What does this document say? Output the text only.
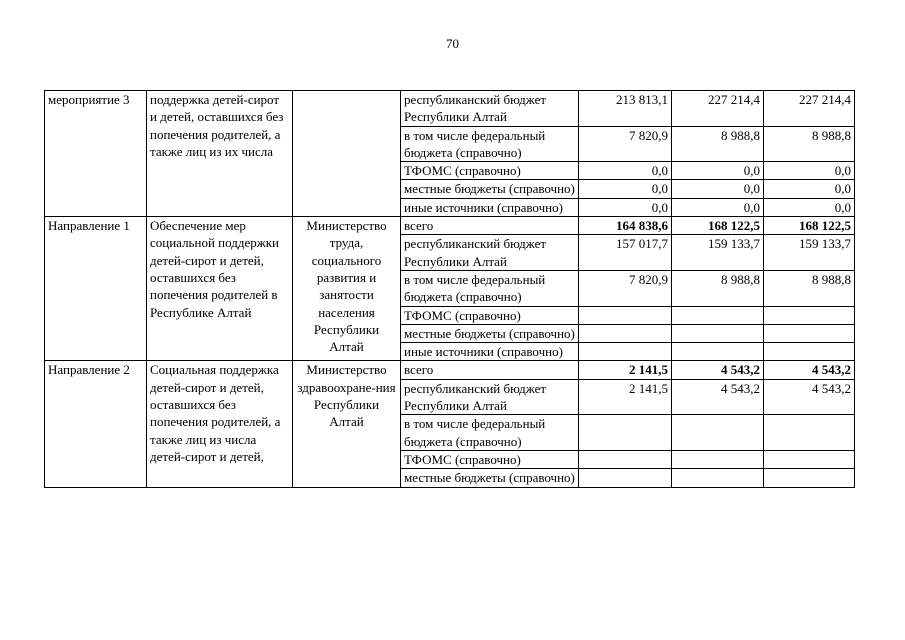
70
мероприятие 3	поддержка детей-сирот и детей, оставшихся без попечения родителей, а также лиц из их числа		республиканский бюджет Республики Алтай	213 813,1	227 214,4	227 214,4
			в том числе федеральный бюджета (справочно)	7 820,9	8 988,8	8 988,8
			ТФОМС (справочно)	0,0	0,0	0,0
			местные бюджеты (справочно)	0,0	0,0	0,0
			иные источники (справочно)	0,0	0,0	0,0
Направление 1	Обеспечение мер социальной поддержки детей-сирот и детей, оставшихся без попечения родителей в Республике Алтай	Министерство труда, социального развития и занятости населения Республики Алтай	всего	164 838,6	168 122,5	168 122,5
			республиканский бюджет Республики Алтай	157 017,7	159 133,7	159 133,7
			в том числе федеральный бюджета (справочно)	7 820,9	8 988,8	8 988,8
			ТФОМС (справочно)			
			местные бюджеты (справочно)			
			иные источники (справочно)			
Направление 2	Социальная поддержка детей-сирот и детей, оставшихся без попечения родителей, а также лиц из числа детей-сирот и детей,	Министерство здравоохране-ния Республики Алтай	всего	2 141,5	4 543,2	4 543,2
			республиканский бюджет Республики Алтай	2 141,5	4 543,2	4 543,2
			в том числе федеральный бюджета (справочно)			
			ТФОМС (справочно)			
			местные бюджеты (справочно)			
